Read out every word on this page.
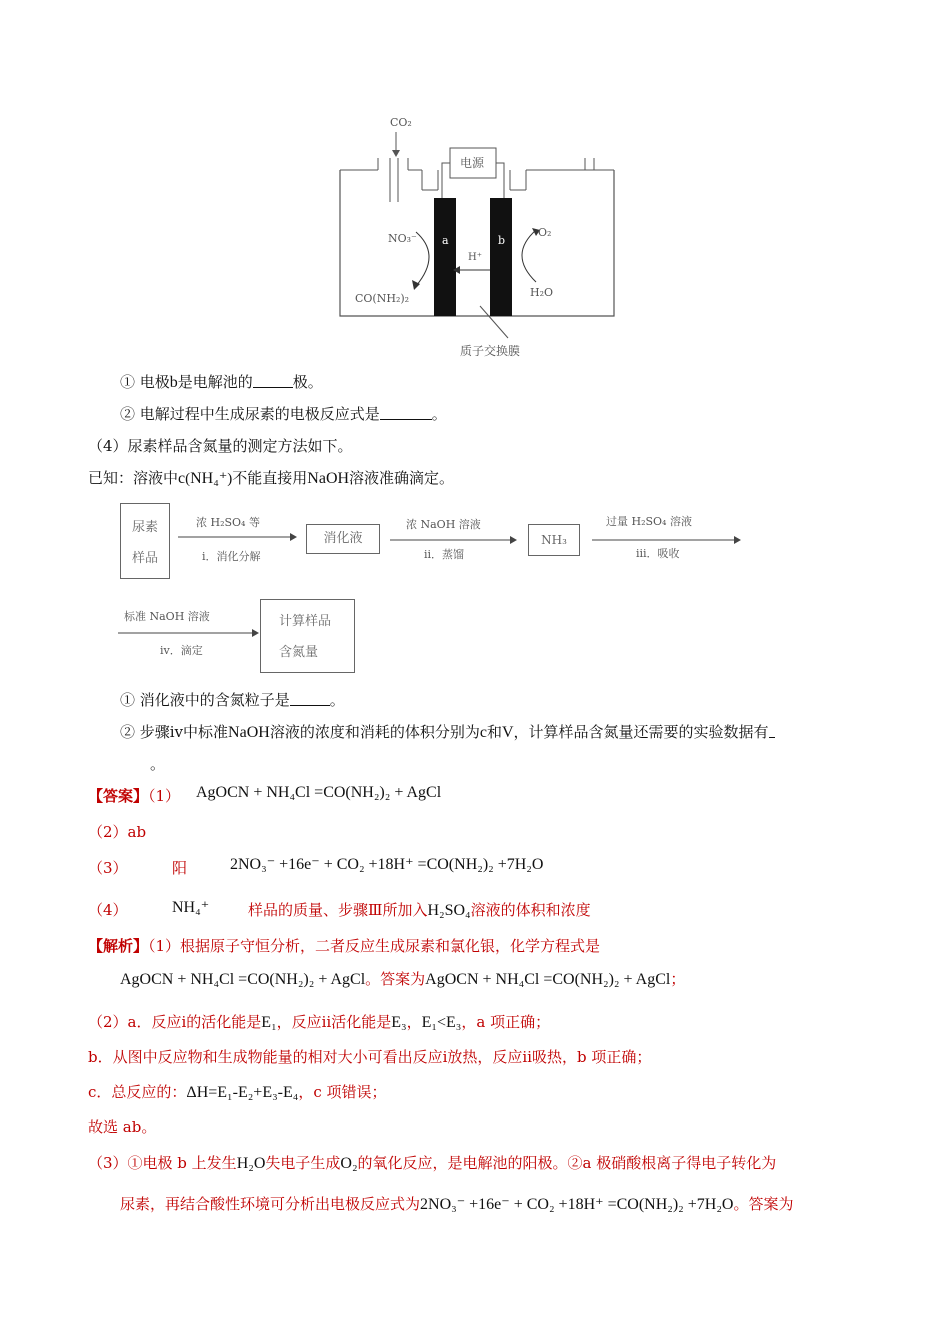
CO₂
电源
NO₃⁻
CO(NH₂)₂
a	b
H⁺
O₂
H₂O
质子交换膜
① 电极b是电解池的	极。
② 电解过程中生成尿素的电极反应式是	。
（4）尿素样品含氮量的测定方法如下。
已知：溶液中c(NH₄⁺)不能直接用NaOH溶液准确滴定。
尿素
样品
浓 H₂SO₄ 等
ⅰ．消化分解
消化液
浓 NaOH 溶液
ⅱ．蒸馏
NH₃
过量 H₂SO₄ 溶液
ⅲ．吸收
标准 NaOH 溶液
ⅳ．滴定
计算样品
含氮量
① 消化液中的含氮粒子是	。
② 步骤ⅳ中标准NaOH溶液的浓度和消耗的体积分别为c和V，计算样品含氮量还需要的实验数据有
。
【答案】（1） AgOCN + NH₄Cl =CO(NH₂)₂ + AgCl
（2）ab
（3）	阳	2NO₃⁻ +16e⁻ + CO₂ +18H⁺ =CO(NH₂)₂ +7H₂O
（4）	NH₄⁺	样品的质量、步骤Ⅲ所加入H₂SO₄溶液的体积和浓度
【解析】（1）根据原子守恒分析，二者反应生成尿素和氯化银，化学方程式是
AgOCN + NH₄Cl =CO(NH₂)₂ + AgCl。答案为AgOCN + NH₄Cl =CO(NH₂)₂ + AgCl；
（2）a．反应ⅰ的活化能是E₁，反应ⅱ活化能是E₃，E₁<E₃，a 项正确；
b．从图中反应物和生成物能量的相对大小可看出反应ⅰ放热，反应ⅱ吸热，b 项正确；
c．总反应的：ΔH=E₁-E₂+E₃-E₄，c 项错误；
故选 ab。
（3）①电极 b 上发生H₂O失电子生成O₂的氧化反应，是电解池的阳极。②a 极硝酸根离子得电子转化为
尿素，再结合酸性环境可分析出电极反应式为2NO₃⁻ +16e⁻ + CO₂ +18H⁺ =CO(NH₂)₂ +7H₂O。答案为
